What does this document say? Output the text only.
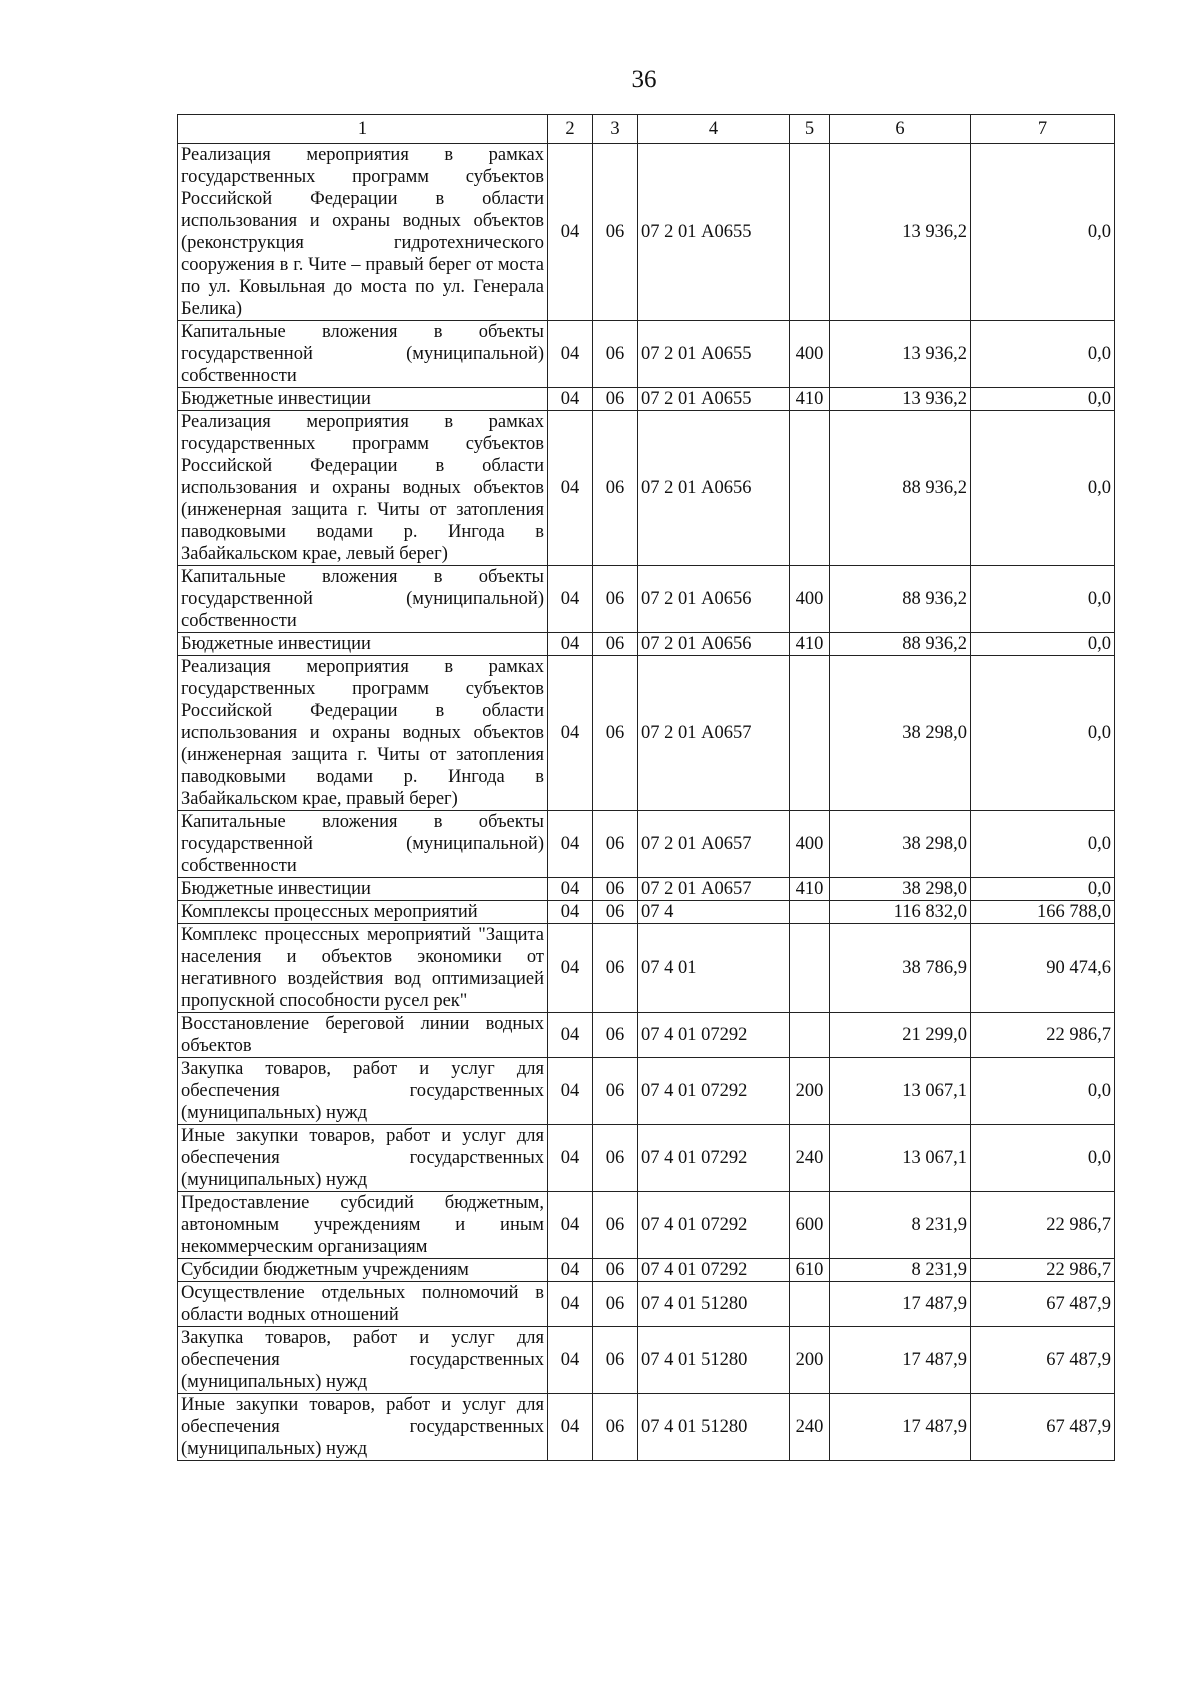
36
1	2	3	4	5	6	7
Реализация мероприятия в рамках государственных программ субъектов Российской Федерации в области использования и охраны водных объектов (реконструкция гидротехнического сооружения в г. Чите – правый берег от моста по ул. Ковыльная до моста по ул. Генерала Белика)	04	06	07 2 01 А0655		13 936,2	0,0
Капитальные вложения в объекты государственной (муниципальной) собственности	04	06	07 2 01 А0655	400	13 936,2	0,0
Бюджетные инвестиции	04	06	07 2 01 А0655	410	13 936,2	0,0
Реализация мероприятия в рамках государственных программ субъектов Российской Федерации в области использования и охраны водных объектов (инженерная защита г. Читы от затопления паводковыми водами р. Ингода в Забайкальском крае, левый берег)	04	06	07 2 01 А0656		88 936,2	0,0
Капитальные вложения в объекты государственной (муниципальной) собственности	04	06	07 2 01 А0656	400	88 936,2	0,0
Бюджетные инвестиции	04	06	07 2 01 А0656	410	88 936,2	0,0
Реализация мероприятия в рамках государственных программ субъектов Российской Федерации в области использования и охраны водных объектов (инженерная защита г. Читы от затопления паводковыми водами р. Ингода в Забайкальском крае, правый берег)	04	06	07 2 01 А0657		38 298,0	0,0
Капитальные вложения в объекты государственной (муниципальной) собственности	04	06	07 2 01 А0657	400	38 298,0	0,0
Бюджетные инвестиции	04	06	07 2 01 А0657	410	38 298,0	0,0
Комплексы процессных мероприятий	04	06	07 4		116 832,0	166 788,0
Комплекс процессных мероприятий "Защита населения и объектов экономики от негативного воздействия вод оптимизацией пропускной способности русел рек"	04	06	07 4 01		38 786,9	90 474,6
Восстановление береговой линии водных объектов	04	06	07 4 01 07292		21 299,0	22 986,7
Закупка товаров, работ и услуг для обеспечения государственных (муниципальных) нужд	04	06	07 4 01 07292	200	13 067,1	0,0
Иные закупки товаров, работ и услуг для обеспечения государственных (муниципальных) нужд	04	06	07 4 01 07292	240	13 067,1	0,0
Предоставление субсидий бюджетным, автономным учреждениям и иным некоммерческим организациям	04	06	07 4 01 07292	600	8 231,9	22 986,7
Субсидии бюджетным учреждениям	04	06	07 4 01 07292	610	8 231,9	22 986,7
Осуществление отдельных полномочий в области водных отношений	04	06	07 4 01 51280		17 487,9	67 487,9
Закупка товаров, работ и услуг для обеспечения государственных (муниципальных) нужд	04	06	07 4 01 51280	200	17 487,9	67 487,9
Иные закупки товаров, работ и услуг для обеспечения государственных (муниципальных) нужд	04	06	07 4 01 51280	240	17 487,9	67 487,9
